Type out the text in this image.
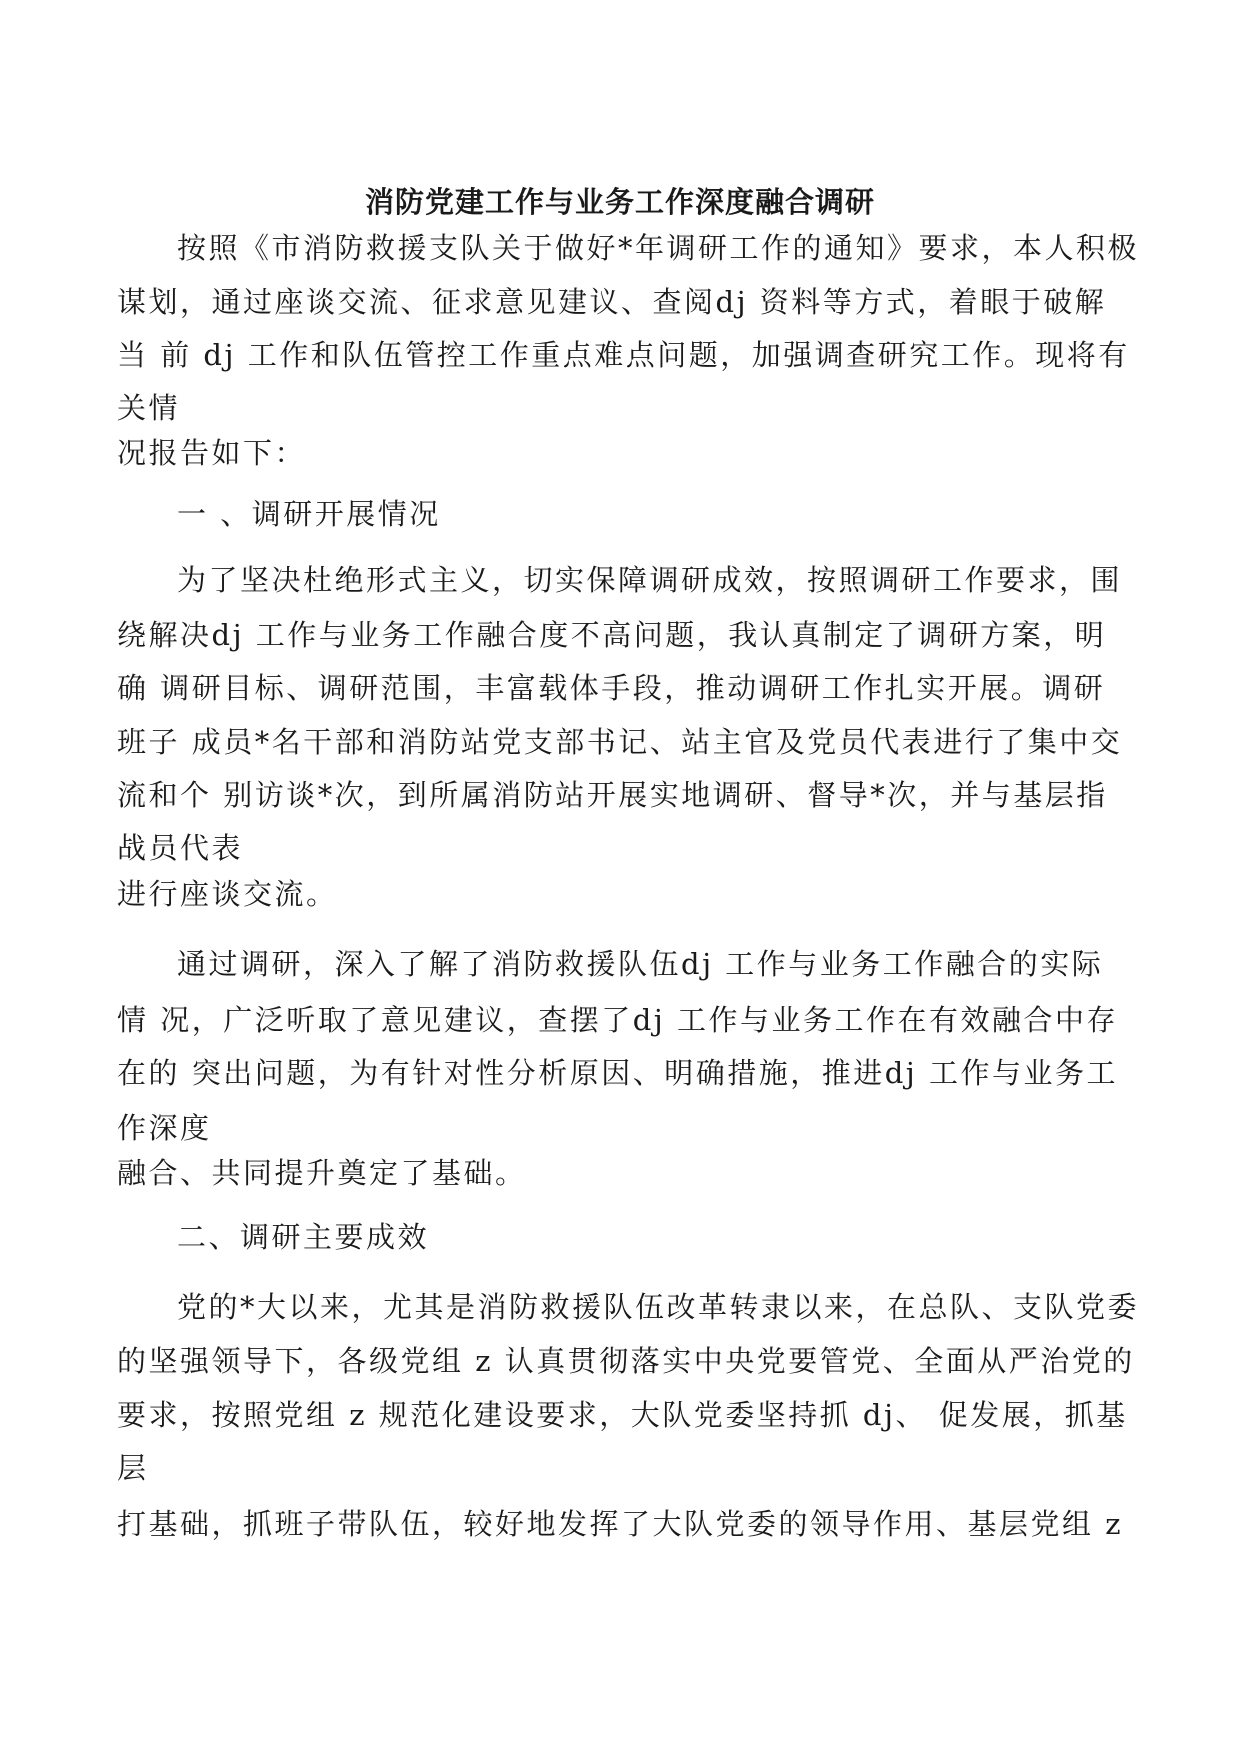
消防党建工作与业务工作深度融合调研
按照《市消防救援支队关于做好*年调研工作的通知》要求，本人积极
谋划，通过座谈交流、征求意见建议、查阅dj 资料等方式，着眼于破解
当 前 dj 工作和队伍管控工作重点难点问题，加强调查研究工作。现将有
关情
况报告如下：
一 、调研开展情况
为了坚决杜绝形式主义，切实保障调研成效，按照调研工作要求，围
绕解决dj 工作与业务工作融合度不高问题，我认真制定了调研方案，明
确 调研目标、调研范围，丰富载体手段，推动调研工作扎实开展。调研
班子 成员*名干部和消防站党支部书记、站主官及党员代表进行了集中交
流和个 别访谈*次，到所属消防站开展实地调研、督导*次，并与基层指
战员代表
进行座谈交流。
通过调研，深入了解了消防救援队伍dj 工作与业务工作融合的实际
情 况，广泛听取了意见建议，查摆了dj 工作与业务工作在有效融合中存
在的 突出问题，为有针对性分析原因、明确措施，推进dj 工作与业务工
作深度
融合、共同提升奠定了基础。
二、调研主要成效
党的*大以来，尤其是消防救援队伍改革转隶以来，在总队、支队党委
的坚强领导下，各级党组 z 认真贯彻落实中央党要管党、全面从严治党的
要求，按照党组 z 规范化建设要求，大队党委坚持抓 dj、 促发展，抓基
层
打基础，抓班子带队伍，较好地发挥了大队党委的领导作用、基层党组 z
